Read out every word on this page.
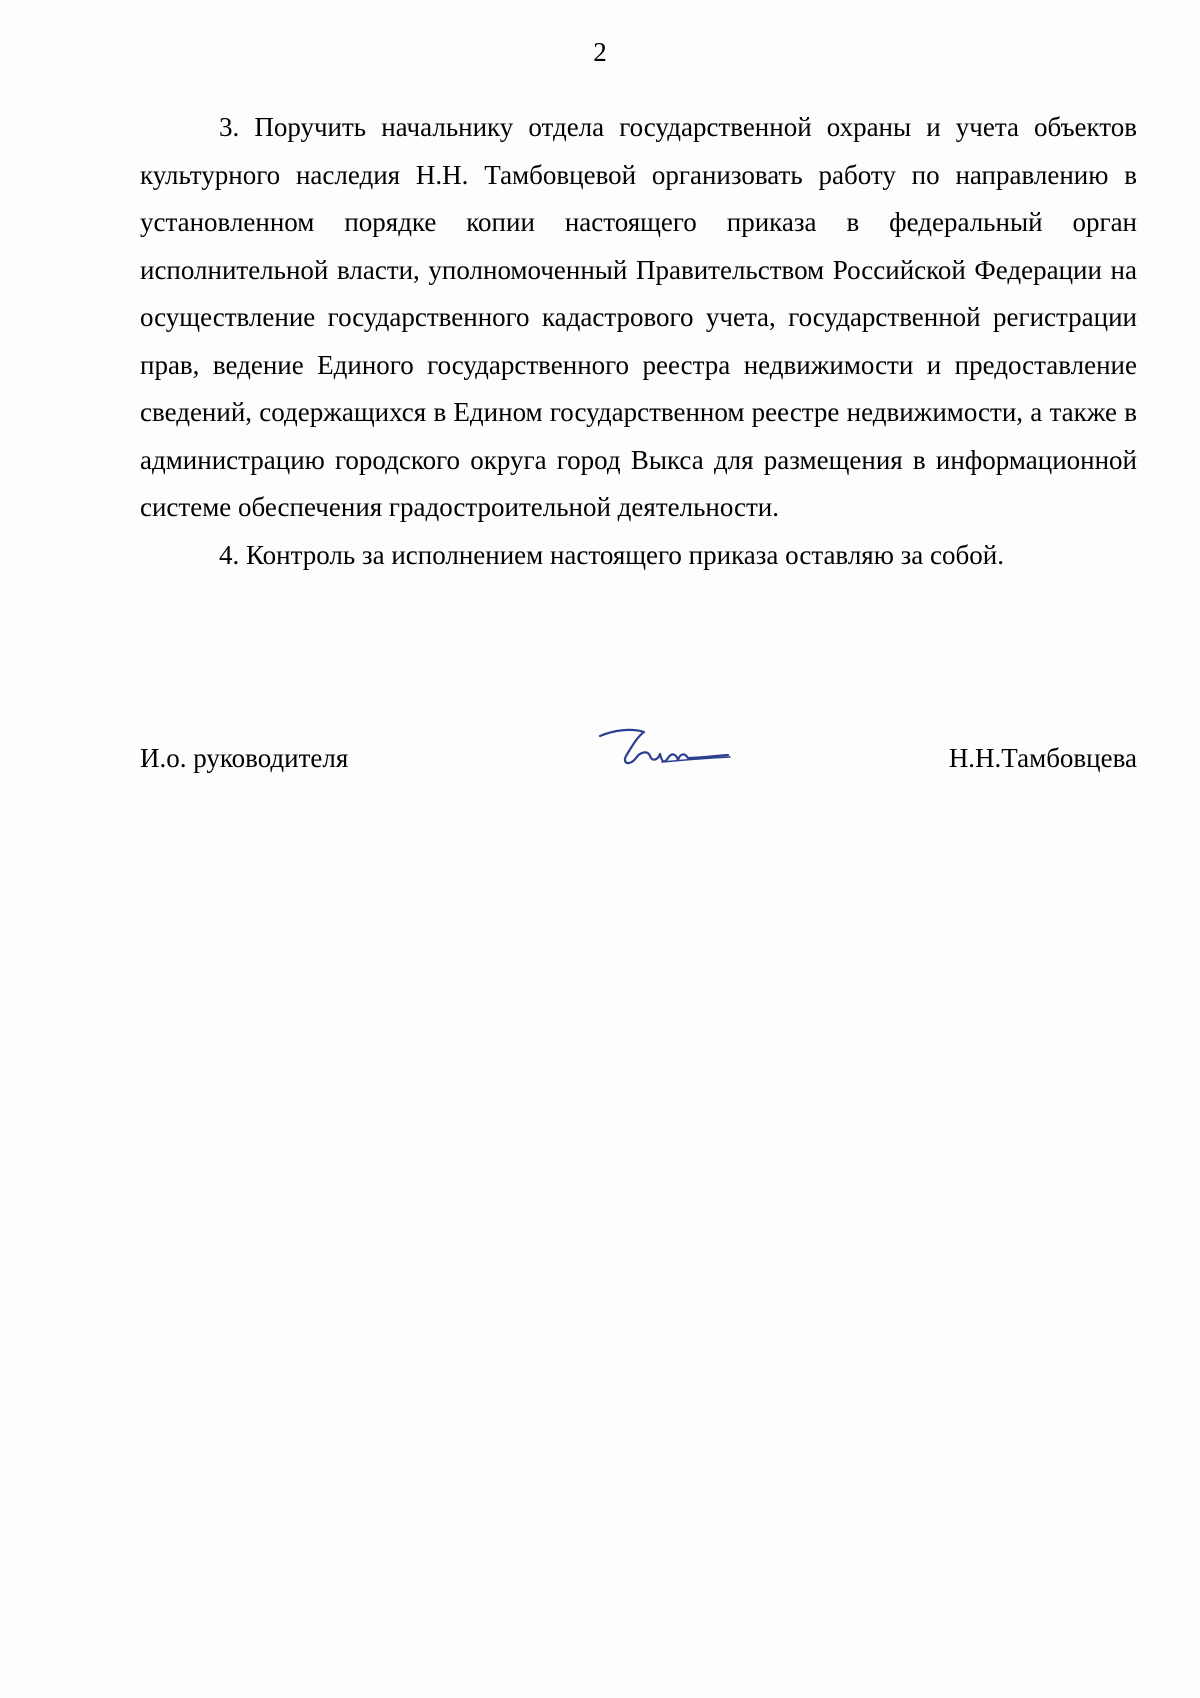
2

3. Поручить начальнику отдела государственной охраны и учета объектов культурного наследия Н.Н. Тамбовцевой организовать работу по направлению в установленном порядке копии настоящего приказа в федеральный орган исполнительной власти, уполномоченный Правительством Российской Федерации на осуществление государственного кадастрового учета, государственной регистрации прав, ведение Единого государственного реестра недвижимости и предоставление сведений, содержащихся в Едином государственном реестре недвижимости, а также в администрацию городского округа город Выкса для размещения в информационной системе обеспечения градостроительной деятельности.

4. Контроль за исполнением настоящего приказа оставляю за собой.

И.о. руководителя	Н.Н.Тамбовцева
